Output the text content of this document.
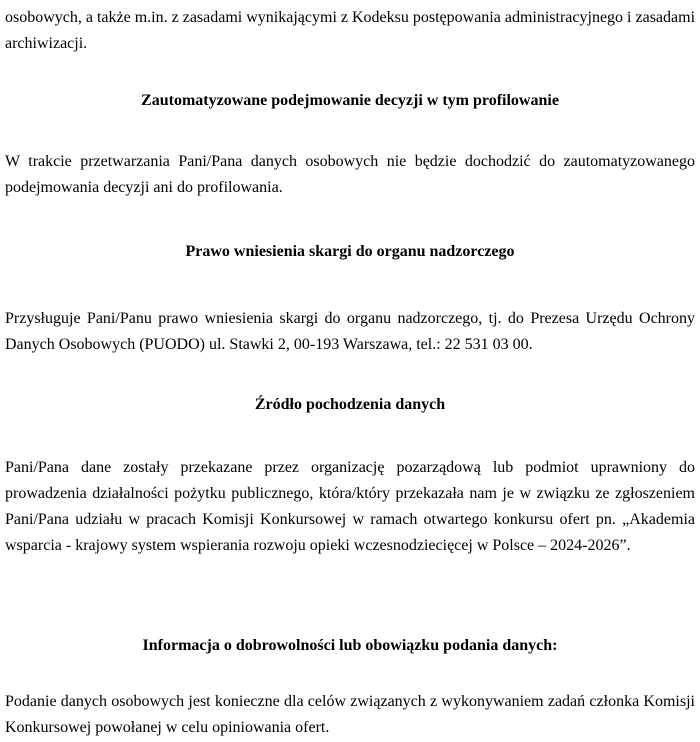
osobowych, a także m.in. z zasadami wynikającymi z Kodeksu postępowania administracyjnego i zasadami archiwizacji.

Zautomatyzowane podejmowanie decyzji w tym profilowanie

W trakcie przetwarzania Pani/Pana danych osobowych nie będzie dochodzić do zautomatyzowanego podejmowania decyzji ani do profilowania.

Prawo wniesienia skargi do organu nadzorczego

Przysługuje Pani/Panu prawo wniesienia skargi do organu nadzorczego, tj. do Prezesa Urzędu Ochrony Danych Osobowych (PUODO) ul. Stawki 2, 00-193 Warszawa, tel.: 22 531 03 00.

Źródło pochodzenia danych

Pani/Pana dane zostały przekazane przez organizację pozarządową lub podmiot uprawniony do prowadzenia działalności pożytku publicznego, która/który przekazała nam je w związku ze zgłoszeniem Pani/Pana udziału w pracach Komisji Konkursowej w ramach otwartego konkursu ofert pn. „Akademia wsparcia - krajowy system wspierania rozwoju opieki wczesnodziecięcej w Polsce – 2024-2026”.

Informacja o dobrowolności lub obowiązku podania danych:

Podanie danych osobowych jest konieczne dla celów związanych z wykonywaniem zadań członka Komisji Konkursowej powołanej w celu opiniowania ofert.
